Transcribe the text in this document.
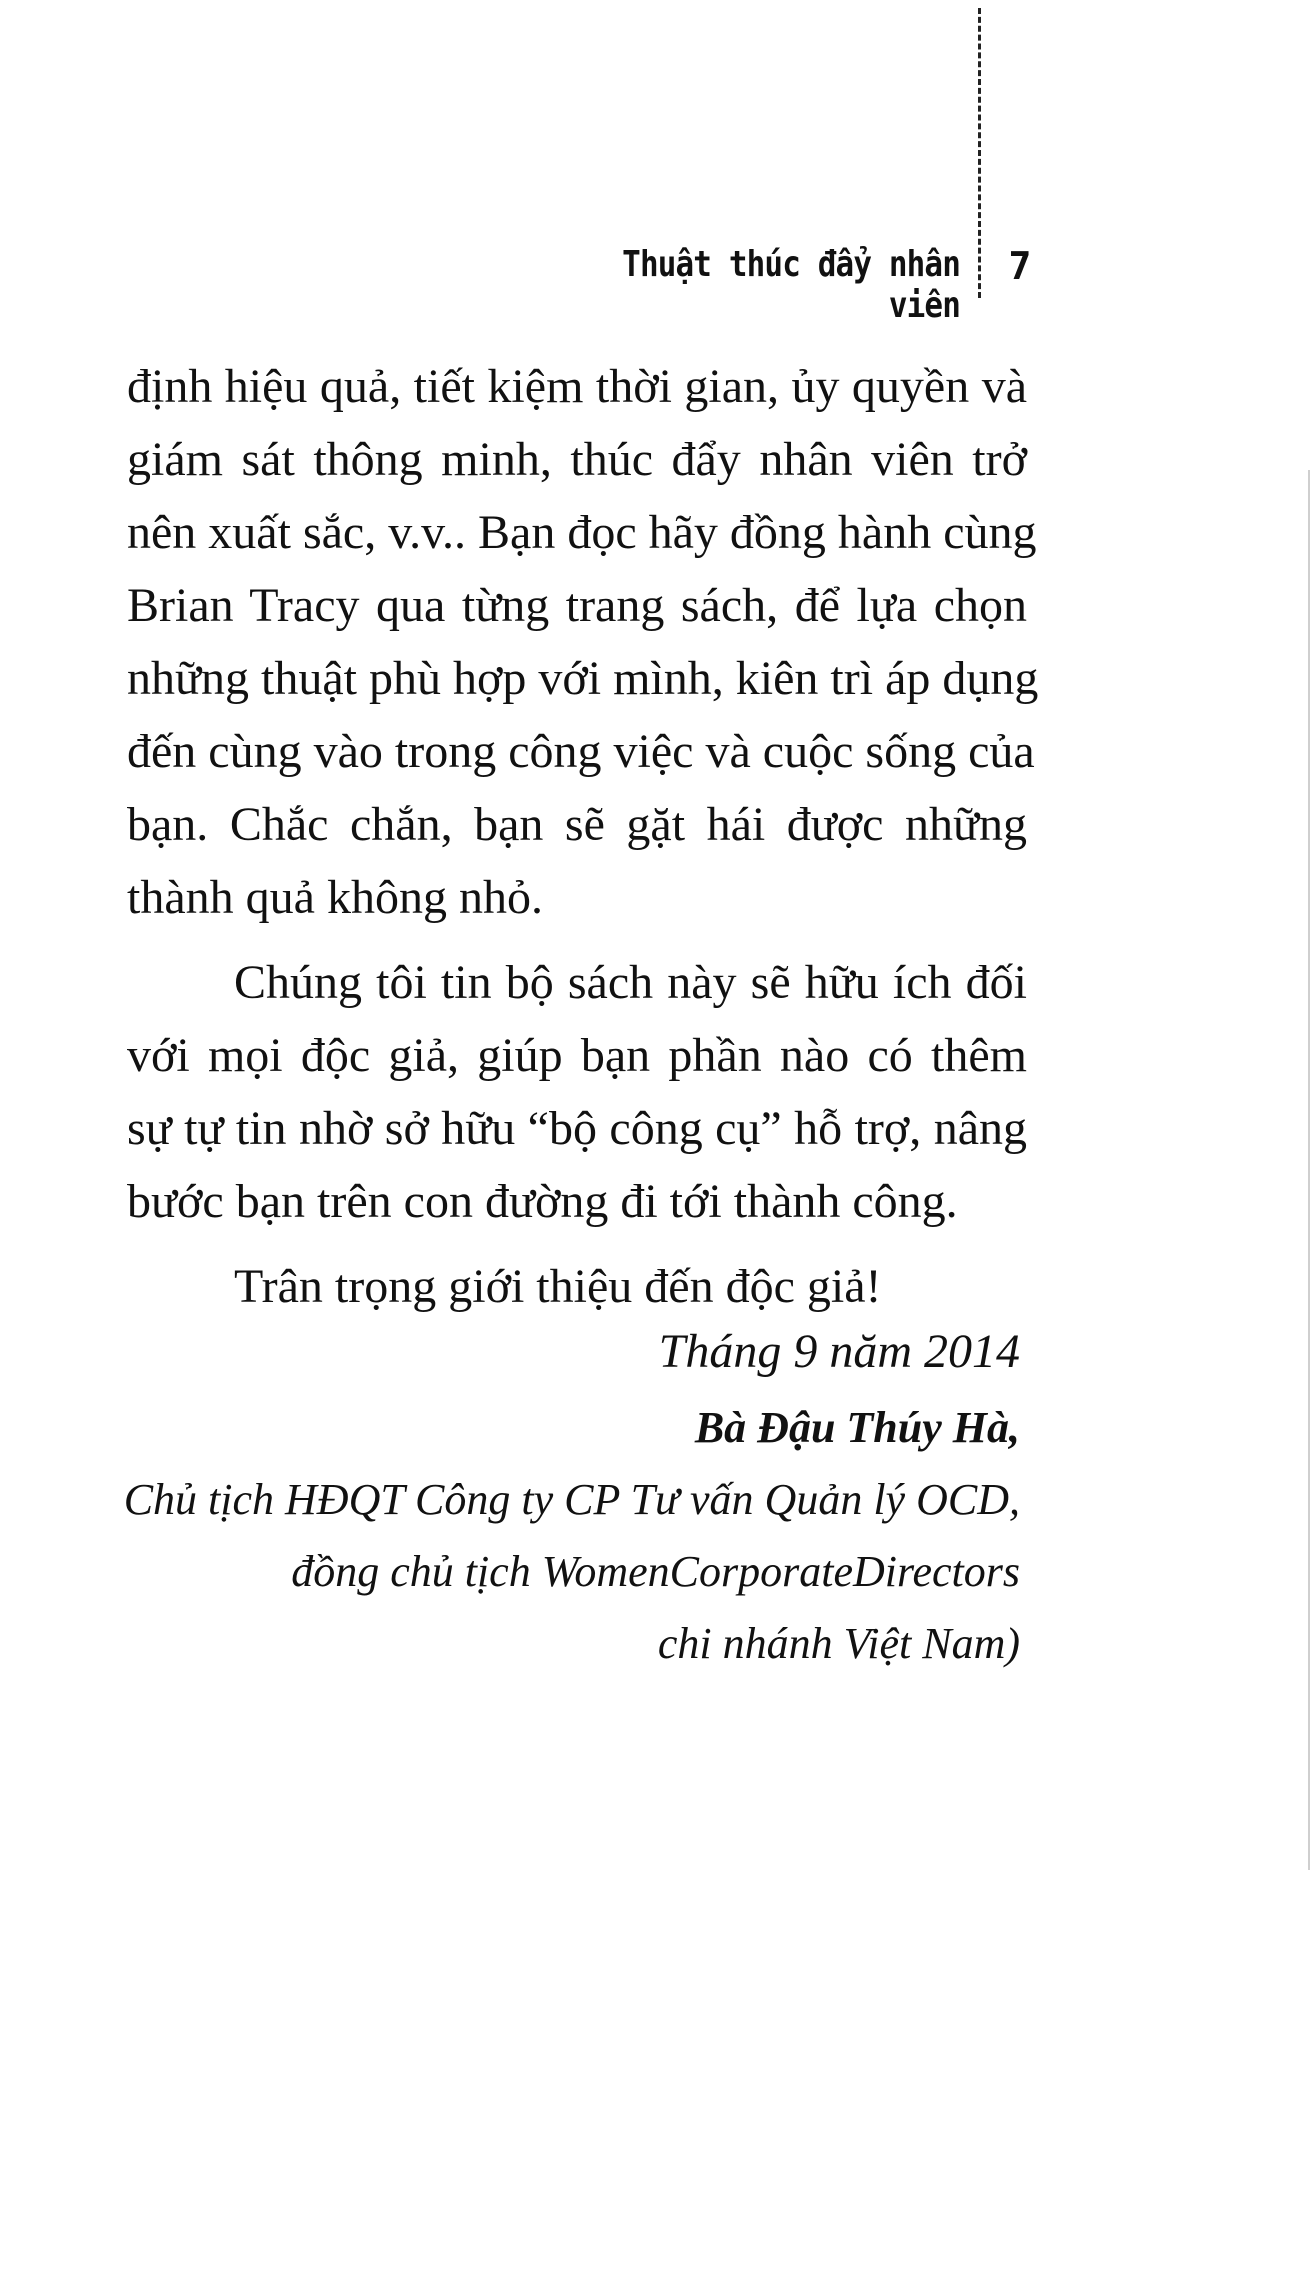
Thuật thúc đẩy nhân viên
7
định hiệu quả, tiết kiệm thời gian, ủy quyền và
giám sát thông minh, thúc đẩy nhân viên trở
nên xuất sắc, v.v.. Bạn đọc hãy đồng hành cùng
Brian Tracy qua từng trang sách, để lựa chọn
những thuật phù hợp với mình, kiên trì áp dụng
đến cùng vào trong công việc và cuộc sống của
bạn. Chắc chắn, bạn sẽ gặt hái được những
thành quả không nhỏ.
Chúng tôi tin bộ sách này sẽ hữu ích đối
với mọi độc giả, giúp bạn phần nào có thêm
sự tự tin nhờ sở hữu “bộ công cụ” hỗ trợ, nâng
bước bạn trên con đường đi tới thành công.
Trân trọng giới thiệu đến độc giả!
Tháng 9 năm 2014
Bà Đậu Thúy Hà,
Chủ tịch HĐQT Công ty CP Tư vấn Quản lý OCD,
đồng chủ tịch WomenCorporateDirectors
chi nhánh Việt Nam)
